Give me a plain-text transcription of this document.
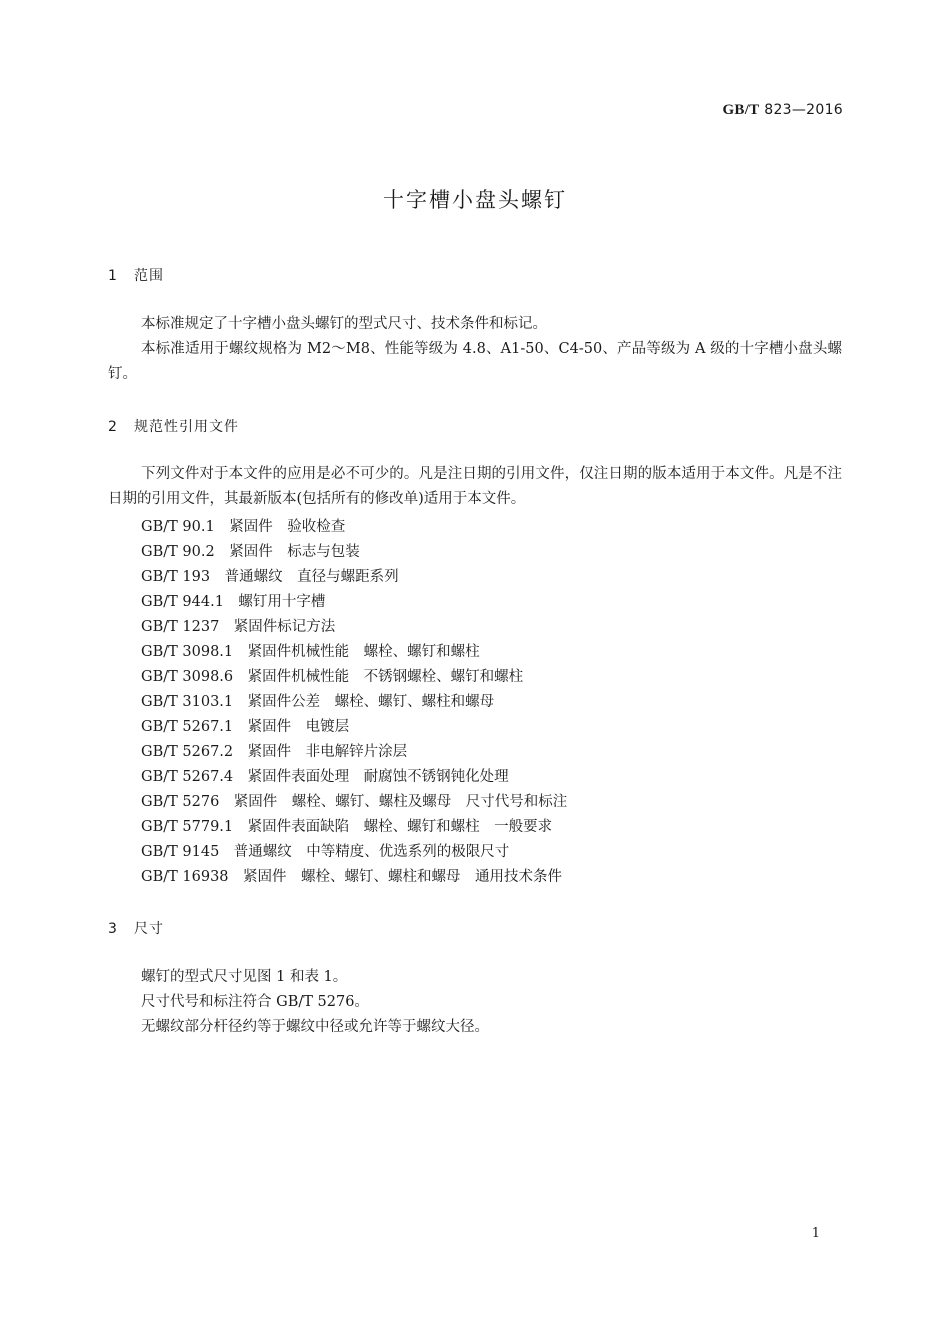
GB/T 823—2016
十字槽小盘头螺钉
1 范围

本标准规定了十字槽小盘头螺钉的型式尺寸、技术条件和标记。

本标准适用于螺纹规格为 M2～M8、性能等级为 4.8、A1-50、C4-50、产品等级为 A 级的十字槽小盘头螺钉。

2 规范性引用文件

下列文件对于本文件的应用是必不可少的。凡是注日期的引用文件，仅注日期的版本适用于本文件。凡是不注日期的引用文件，其最新版本(包括所有的修改单)适用于本文件。

GB/T 90.1　紧固件　验收检查
GB/T 90.2　紧固件　标志与包装
GB/T 193　普通螺纹　直径与螺距系列
GB/T 944.1　螺钉用十字槽
GB/T 1237　紧固件标记方法
GB/T 3098.1　紧固件机械性能　螺栓、螺钉和螺柱
GB/T 3098.6　紧固件机械性能　不锈钢螺栓、螺钉和螺柱
GB/T 3103.1　紧固件公差　螺栓、螺钉、螺柱和螺母
GB/T 5267.1　紧固件　电镀层
GB/T 5267.2　紧固件　非电解锌片涂层
GB/T 5267.4　紧固件表面处理　耐腐蚀不锈钢钝化处理
GB/T 5276　紧固件　螺栓、螺钉、螺柱及螺母　尺寸代号和标注
GB/T 5779.1　紧固件表面缺陷　螺栓、螺钉和螺柱　一般要求
GB/T 9145　普通螺纹　中等精度、优选系列的极限尺寸
GB/T 16938　紧固件　螺栓、螺钉、螺柱和螺母　通用技术条件
3 尺寸
螺钉的型式尺寸见图 1 和表 1。
尺寸代号和标注符合 GB/T 5276。
无螺纹部分杆径约等于螺纹中径或允许等于螺纹大径。
1
